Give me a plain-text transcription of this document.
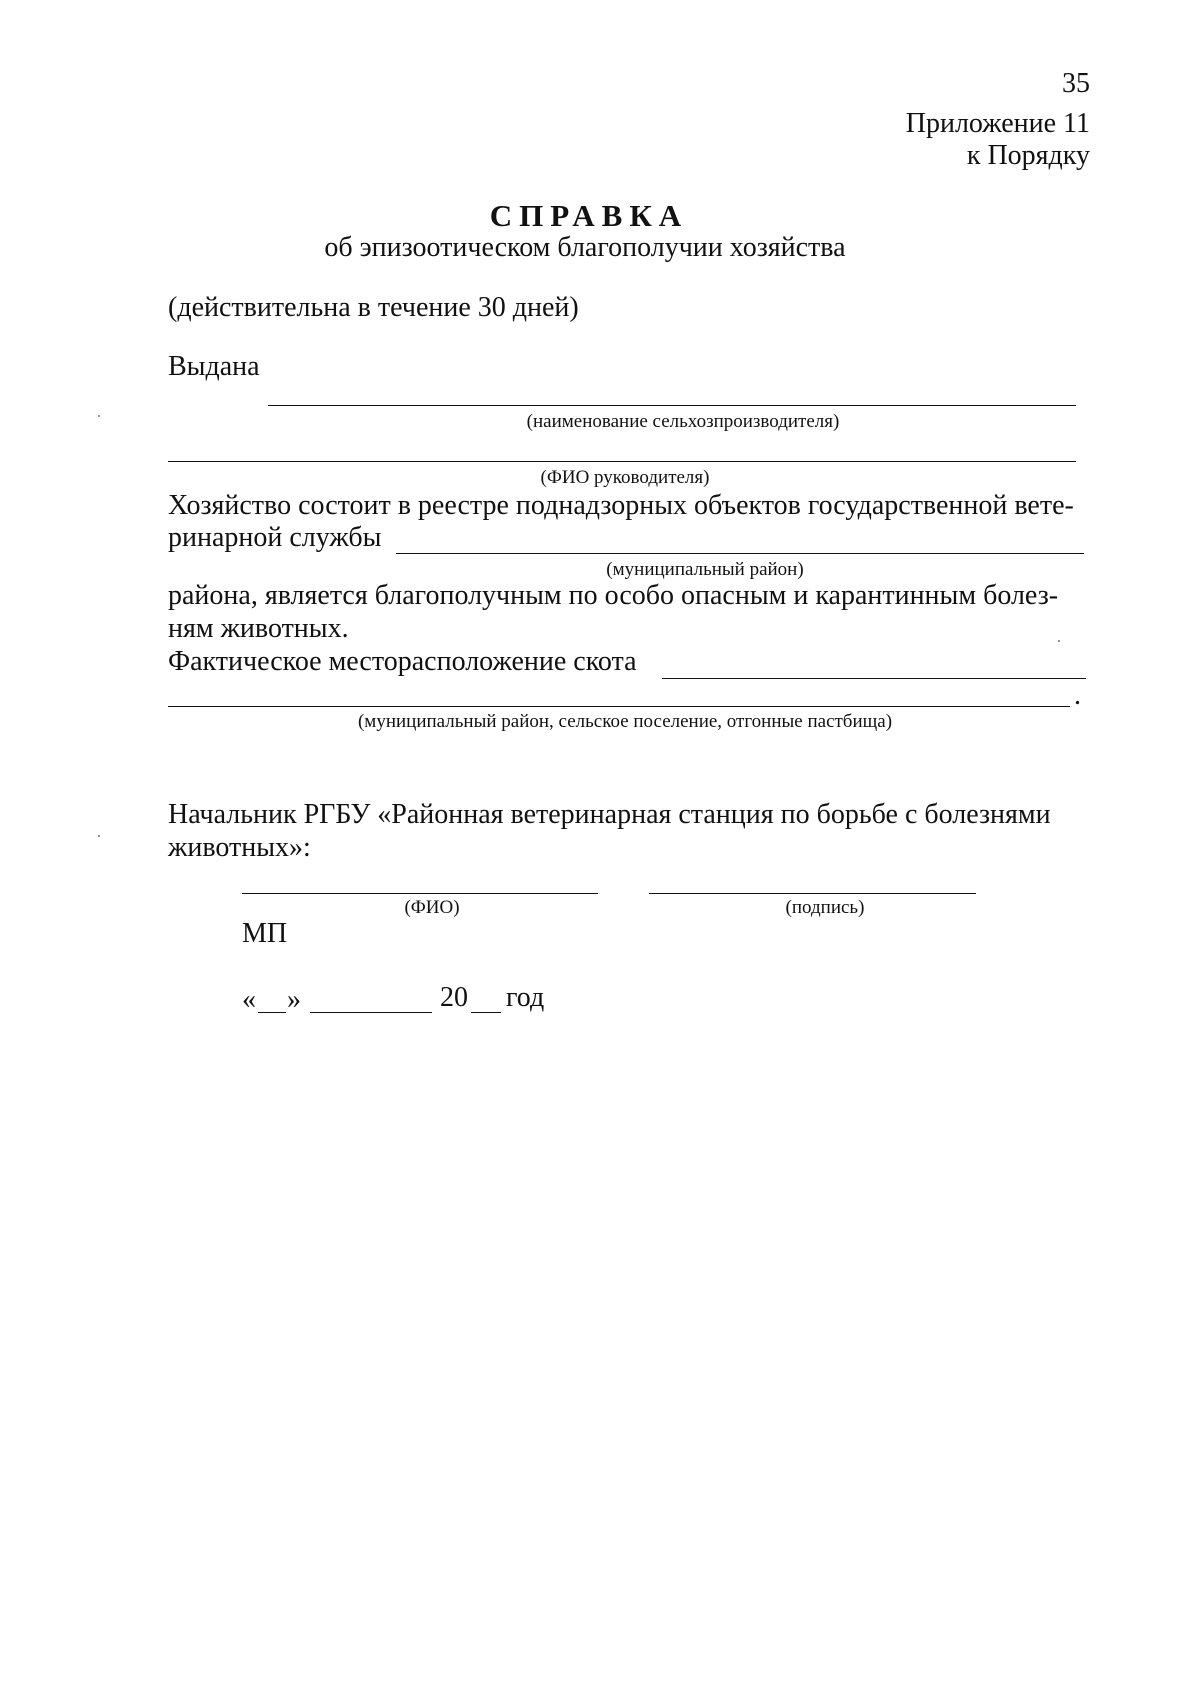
35
Приложение 11
к Порядку
СПРАВКА
об эпизоотическом благополучии хозяйства
(действительна в течение 30 дней)
Выдана
(наименование сельхозпроизводителя)
(ФИО руководителя)
Хозяйство состоит в реестре поднадзорных объектов государственной вете-
ринарной службы
(муниципальный район)
района, является благополучным по особо опасным и карантинным болез-
ням животных.
Фактическое месторасположение скота
.
(муниципальный район, сельское поселение, отгонные пастбища)
Начальник РГБУ «Районная ветеринарная станция по борьбе с болезнями
животных»:
(ФИО)	(подпись)
МП
« »	20 год
